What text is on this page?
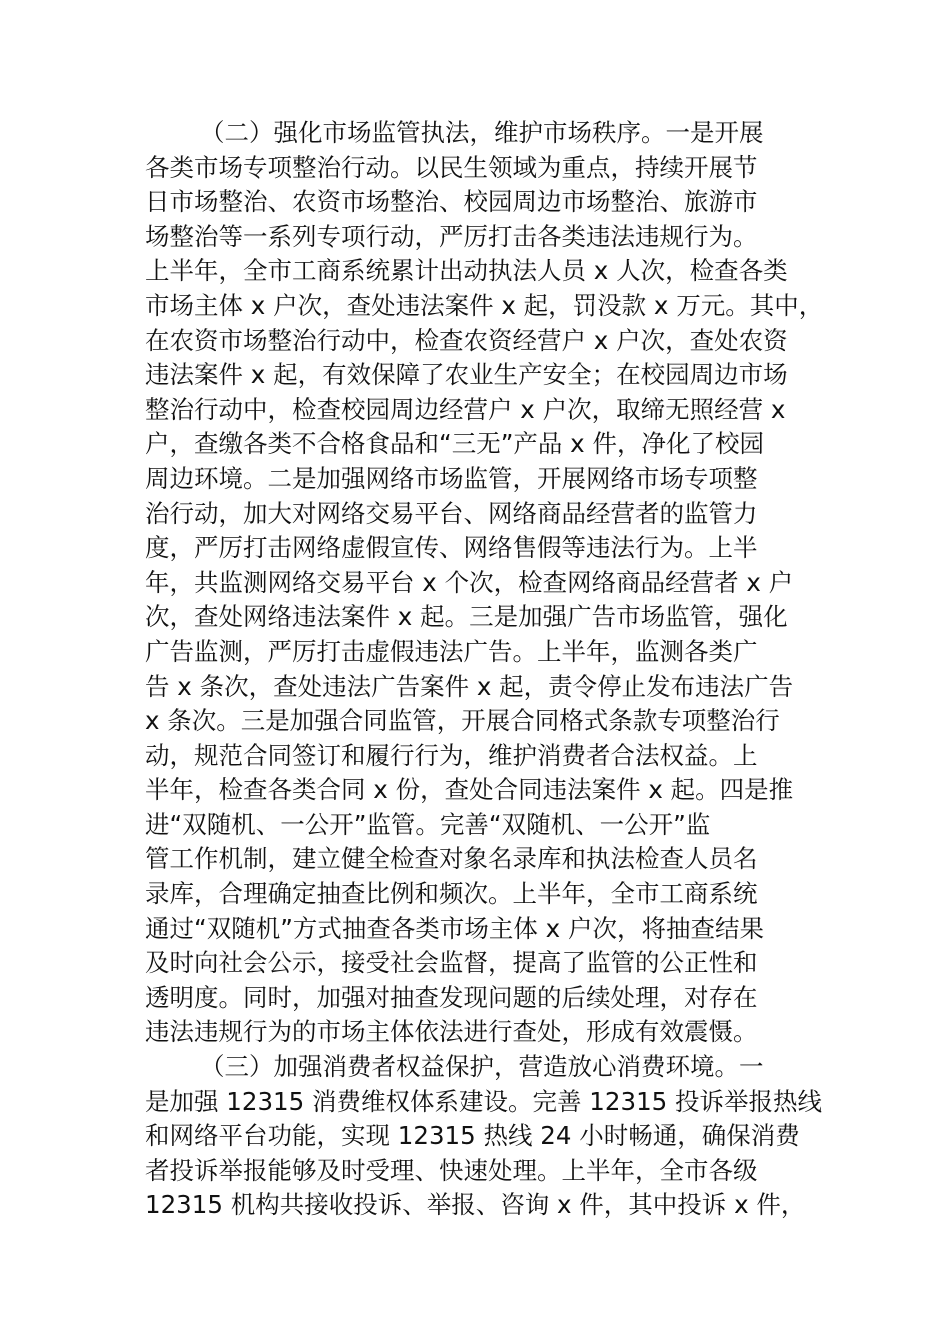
（二）强化市场监管执法，维护市场秩序。一是开展
各类市场专项整治行动。以民生领域为重点，持续开展节
日市场整治、农资市场整治、校园周边市场整治、旅游市
场整治等一系列专项行动，严厉打击各类违法违规行为。
上半年，全市工商系统累计出动执法人员 x 人次，检查各类
市场主体 x 户次，查处违法案件 x 起，罚没款 x 万元。其中，
在农资市场整治行动中，检查农资经营户 x 户次，查处农资
违法案件 x 起，有效保障了农业生产安全；在校园周边市场
整治行动中，检查校园周边经营户 x 户次，取缔无照经营 x
户，查缴各类不合格食品和“三无”产品 x 件，净化了校园
周边环境。二是加强网络市场监管，开展网络市场专项整
治行动，加大对网络交易平台、网络商品经营者的监管力
度，严厉打击网络虚假宣传、网络售假等违法行为。上半
年，共监测网络交易平台 x 个次，检查网络商品经营者 x 户
次，查处网络违法案件 x 起。三是加强广告市场监管，强化
广告监测，严厉打击虚假违法广告。上半年，监测各类广
告 x 条次，查处违法广告案件 x 起，责令停止发布违法广告
x 条次。三是加强合同监管，开展合同格式条款专项整治行
动，规范合同签订和履行行为，维护消费者合法权益。上
半年，检查各类合同 x 份，查处合同违法案件 x 起。四是推
进“双随机、一公开”监管。完善“双随机、一公开”监
管工作机制，建立健全检查对象名录库和执法检查人员名
录库，合理确定抽查比例和频次。上半年，全市工商系统
通过“双随机”方式抽查各类市场主体 x 户次，将抽查结果
及时向社会公示，接受社会监督，提高了监管的公正性和
透明度。同时，加强对抽查发现问题的后续处理，对存在
违法违规行为的市场主体依法进行查处，形成有效震慑。
（三）加强消费者权益保护，营造放心消费环境。一
是加强 12315 消费维权体系建设。完善 12315 投诉举报热线
和网络平台功能，实现 12315 热线 24 小时畅通，确保消费
者投诉举报能够及时受理、快速处理。上半年，全市各级
12315 机构共接收投诉、举报、咨询 x 件，其中投诉 x 件，
